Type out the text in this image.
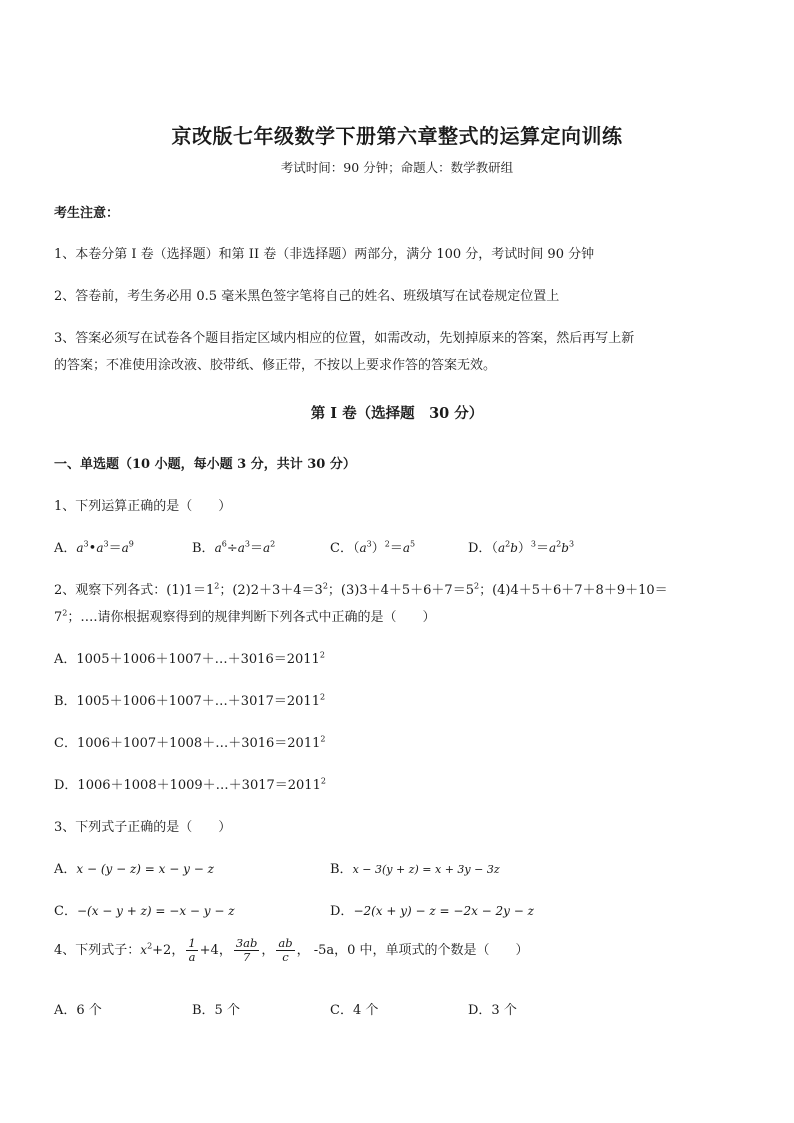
京改版七年级数学下册第六章整式的运算定向训练
考试时间：90 分钟；命题人：数学教研组
考生注意：
1、本卷分第 I 卷（选择题）和第 II 卷（非选择题）两部分，满分 100 分，考试时间 90 分钟
2、答卷前，考生务必用 0.5 毫米黑色签字笔将自己的姓名、班级填写在试卷规定位置上
3、答案必须写在试卷各个题目指定区域内相应的位置，如需改动，先划掉原来的答案，然后再写上新
的答案；不准使用涂改液、胶带纸、修正带，不按以上要求作答的答案无效。
第 I 卷（选择题　30 分）
一、单选题（10 小题，每小题 3 分，共计 30 分）
1、下列运算正确的是（　　）
A．$a^3•a^3=a^9$	B．$a^6\div a^3=a^2$	C．$(a^3)^2=a^5$	D．$(a^2b)^3=a^2b^3$
2、观察下列各式：$(1)1=1^2$；$(2)2+3+4=3^2$；$(3)3+4+5+6+7=5^2$；(4)4＋5＋6＋7＋8＋9＋10＝
$7^2$；….请你根据观察得到的规律判断下列各式中正确的是（　　）
A．$1005+1006+1007+\dots+3016=2011^2$
B．$1005+1006+1007+\dots+3017=2011^2$
C．$1006+1007+1008+\dots+3016=2011^2$
D．$1006+1008+1009+\dots+3017=2011^2$
3、下列式子正确的是（　　）
A．x − (y − z) = x − y − z	B．x − 3(y + z) = x + 3y − 3z
C．−(x − y + z) = −x − y − z	D．−2(x + y) − z = −2x − 2y − z
4、下列式子：$x^2+2$， $\frac{1}{a} +4$， $\frac{3ab}{7}$ ， $\frac{ab}{c}$ ， -5a，0 中，单项式的个数是（　　）
A．6 个	B．5 个	C．4 个	D．3 个
